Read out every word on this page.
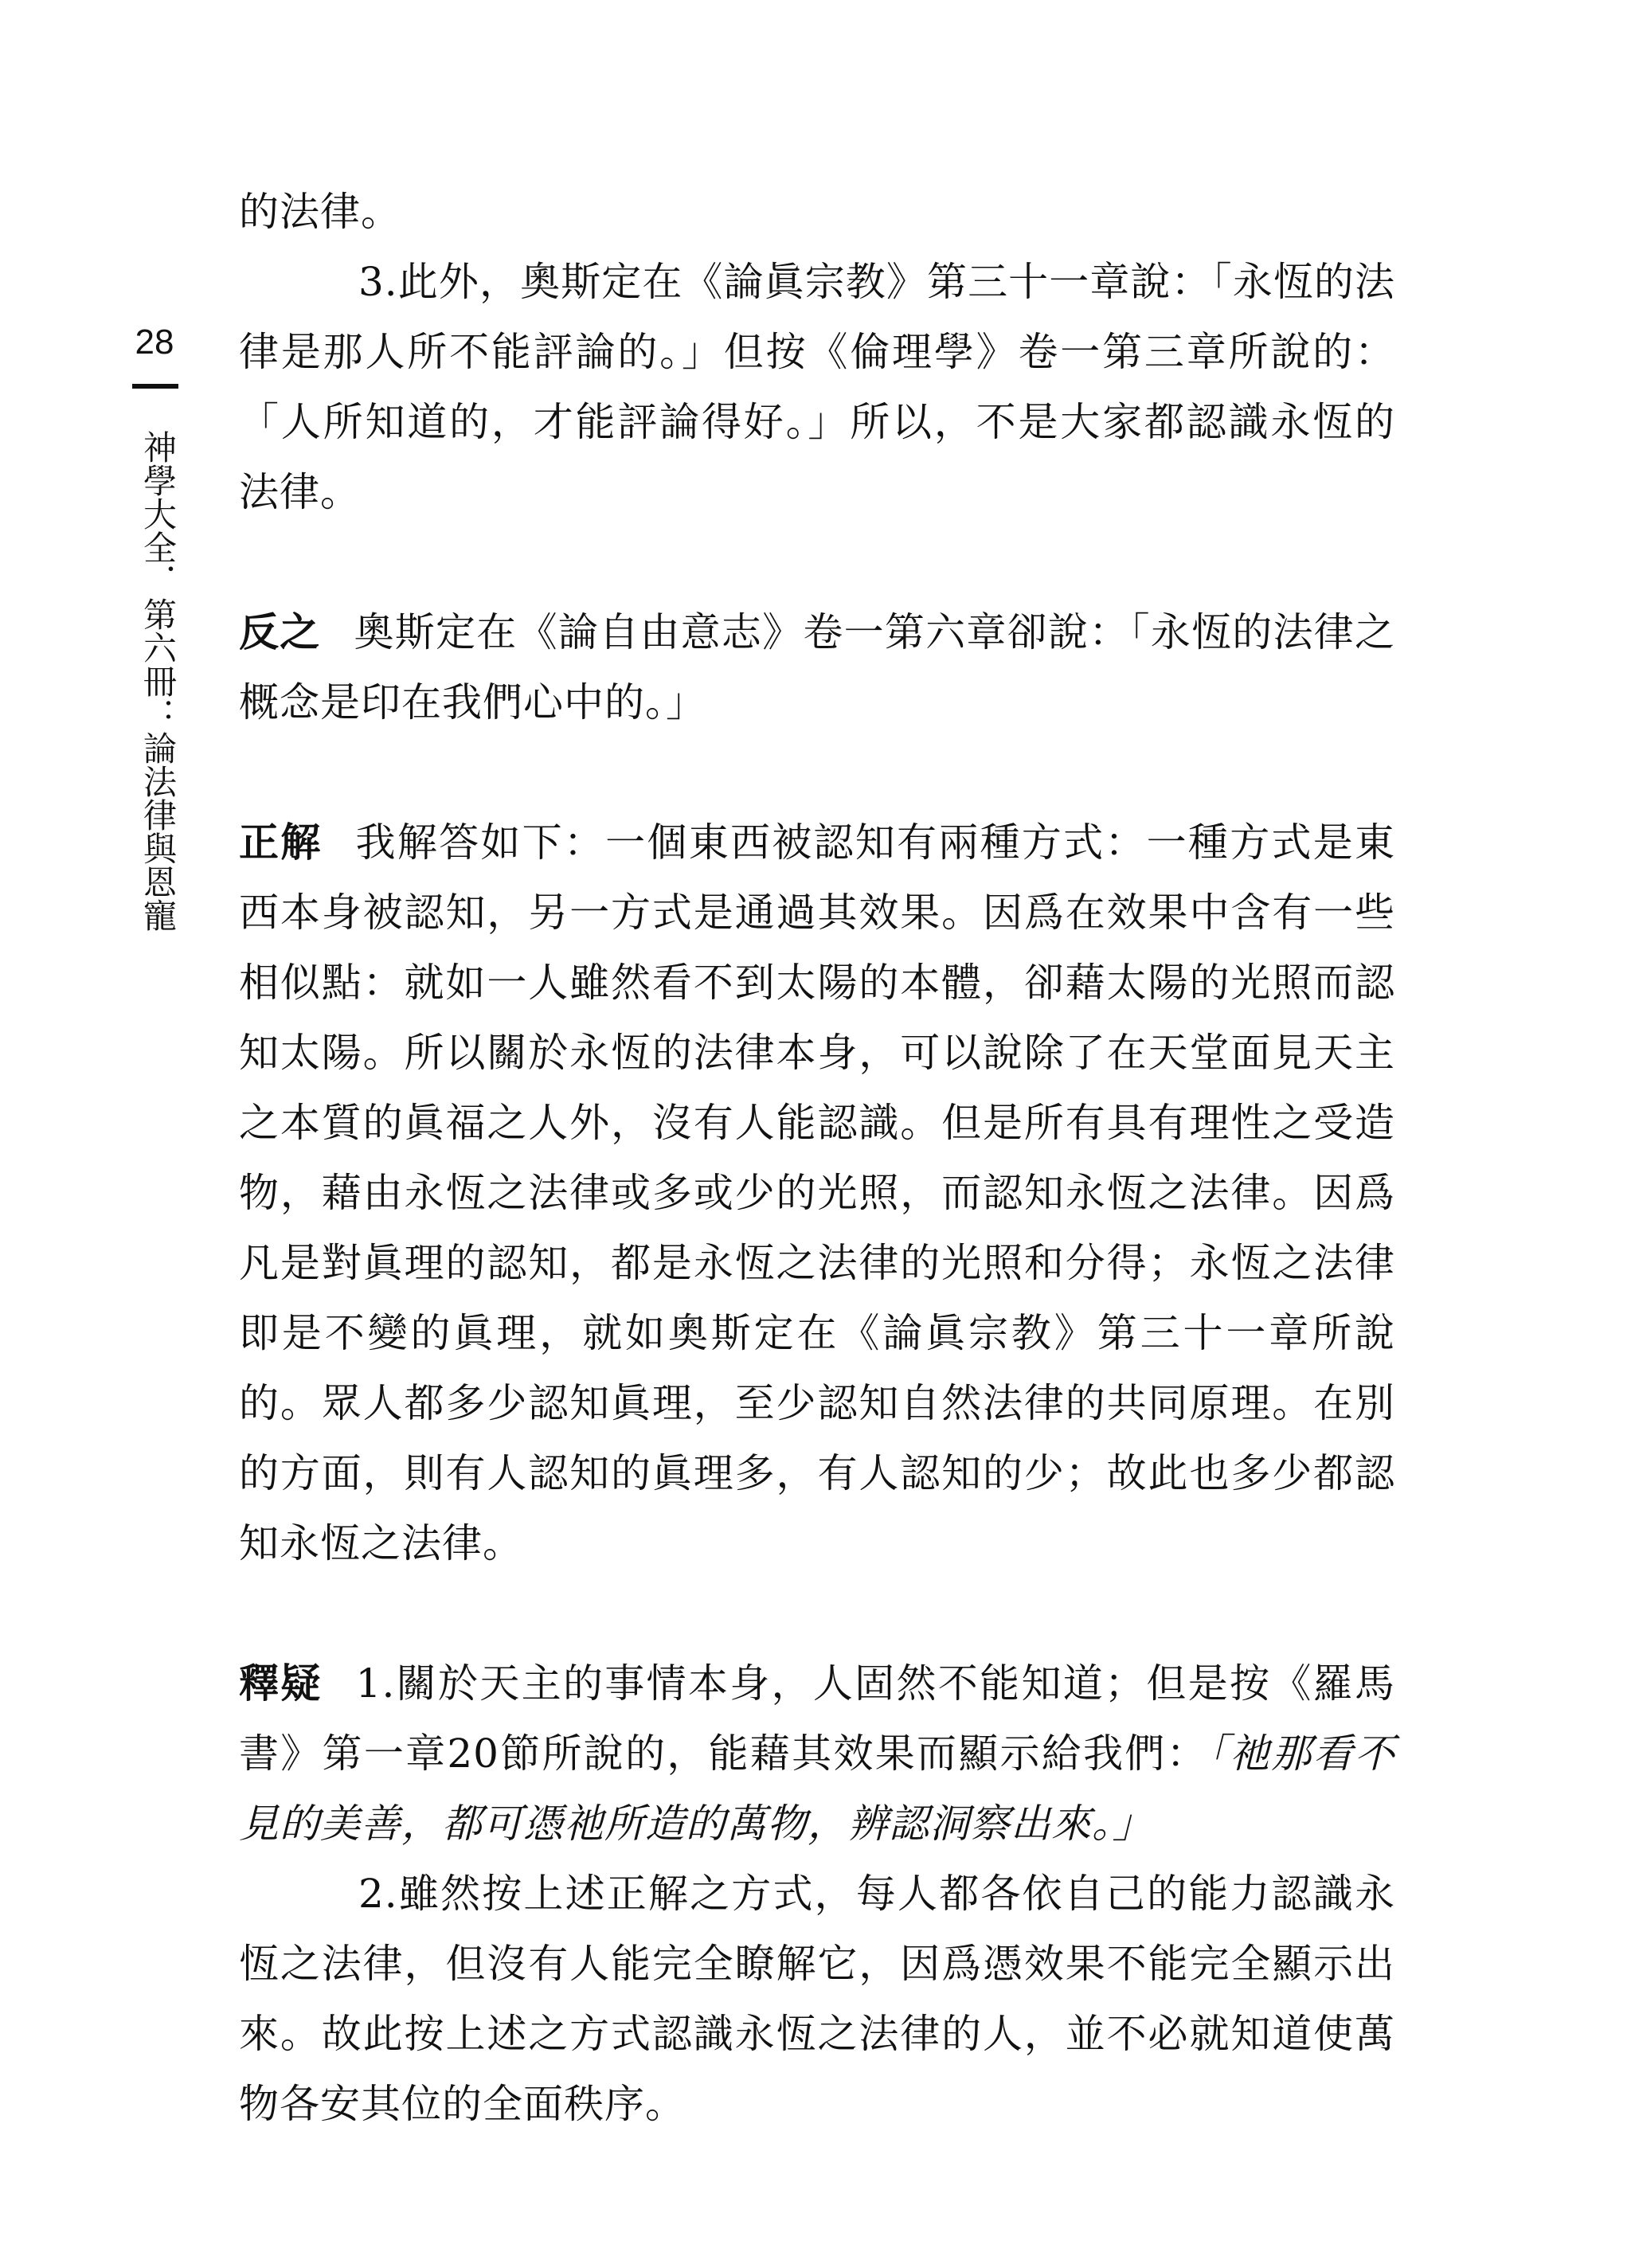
28
神學大全．第六冊：論法律與恩寵

的法律。

3.此外，奧斯定在《論眞宗教》第三十一章說：「永恆的法律是那人所不能評論的。」但按《倫理學》卷一第三章所說的：「人所知道的，才能評論得好。」所以，不是大家都認識永恆的法律。

反之 奧斯定在《論自由意志》卷一第六章卻說：「永恆的法律之概念是印在我們心中的。」

正解 我解答如下：一個東西被認知有兩種方式：一種方式是東西本身被認知，另一方式是通過其效果。因爲在效果中含有一些相似點：就如一人雖然看不到太陽的本體，卻藉太陽的光照而認知太陽。所以關於永恆的法律本身，可以說除了在天堂面見天主之本質的眞福之人外，沒有人能認識。但是所有具有理性之受造物，藉由永恆之法律或多或少的光照，而認知永恆之法律。因爲凡是對眞理的認知，都是永恆之法律的光照和分得；永恆之法律即是不變的眞理，就如奧斯定在《論眞宗教》第三十一章所說的。眾人都多少認知眞理，至少認知自然法律的共同原理。在別的方面，則有人認知的眞理多，有人認知的少；故此也多少都認知永恆之法律。

釋疑 1.關於天主的事情本身，人固然不能知道；但是按《羅馬書》第一章20節所說的，能藉其效果而顯示給我們：「祂那看不見的美善，都可憑祂所造的萬物，辨認洞察出來。」

2.雖然按上述正解之方式，每人都各依自己的能力認識永恆之法律，但沒有人能完全瞭解它，因爲憑效果不能完全顯示出來。故此按上述之方式認識永恆之法律的人，並不必就知道使萬物各安其位的全面秩序。
